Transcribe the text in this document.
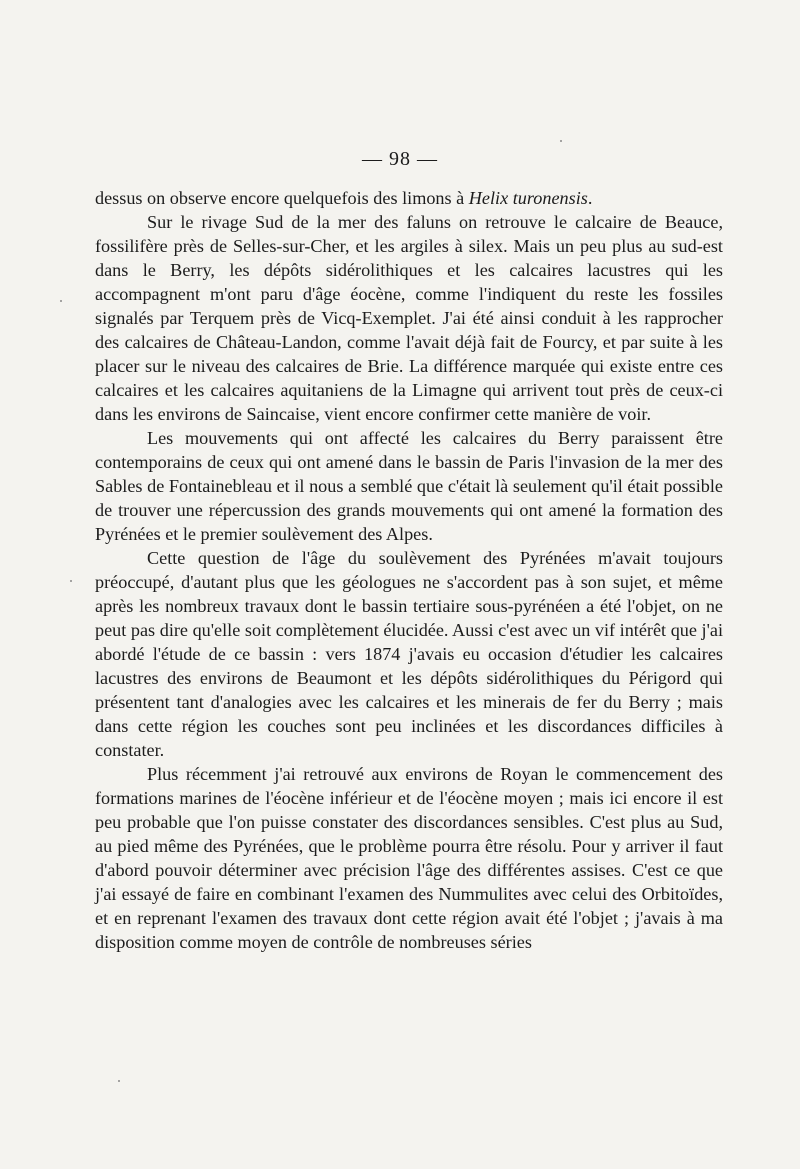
— 98 —

dessus on observe encore quelquefois des limons à Helix turonensis.

Sur le rivage Sud de la mer des faluns on retrouve le calcaire de Beauce, fossilifère près de Selles-sur-Cher, et les argiles à silex. Mais un peu plus au sud-est dans le Berry, les dépôts sidérolithiques et les calcaires lacustres qui les accompagnent m'ont paru d'âge éocène, comme l'indiquent du reste les fossiles signalés par Terquem près de Vicq-Exemplet. J'ai été ainsi conduit à les rapprocher des calcaires de Château-Landon, comme l'avait déjà fait de Fourcy, et par suite à les placer sur le niveau des calcaires de Brie. La différence marquée qui existe entre ces calcaires et les calcaires aquitaniens de la Limagne qui arrivent tout près de ceux-ci dans les environs de Saincaise, vient encore confirmer cette manière de voir.

Les mouvements qui ont affecté les calcaires du Berry paraissent être contemporains de ceux qui ont amené dans le bassin de Paris l'invasion de la mer des Sables de Fontainebleau et il nous a semblé que c'était là seulement qu'il était possible de trouver une répercussion des grands mouvements qui ont amené la formation des Pyrénées et le premier soulèvement des Alpes.

Cette question de l'âge du soulèvement des Pyrénées m'avait toujours préoccupé, d'autant plus que les géologues ne s'accordent pas à son sujet, et même après les nombreux travaux dont le bassin tertiaire sous-pyrénéen a été l'objet, on ne peut pas dire qu'elle soit complètement élucidée. Aussi c'est avec un vif intérêt que j'ai abordé l'étude de ce bassin : vers 1874 j'avais eu occasion d'étudier les calcaires lacustres des environs de Beaumont et les dépôts sidérolithiques du Périgord qui présentent tant d'analogies avec les calcaires et les minerais de fer du Berry ; mais dans cette région les couches sont peu inclinées et les discordances difficiles à constater.

Plus récemment j'ai retrouvé aux environs de Royan le commencement des formations marines de l'éocène inférieur et de l'éocène moyen ; mais ici encore il est peu probable que l'on puisse constater des discordances sensibles. C'est plus au Sud, au pied même des Pyrénées, que le problème pourra être résolu. Pour y arriver il faut d'abord pouvoir déterminer avec précision l'âge des différentes assises. C'est ce que j'ai essayé de faire en combinant l'examen des Nummulites avec celui des Orbitoïdes, et en reprenant l'examen des travaux dont cette région avait été l'objet ; j'avais à ma disposition comme moyen de contrôle de nombreuses séries
